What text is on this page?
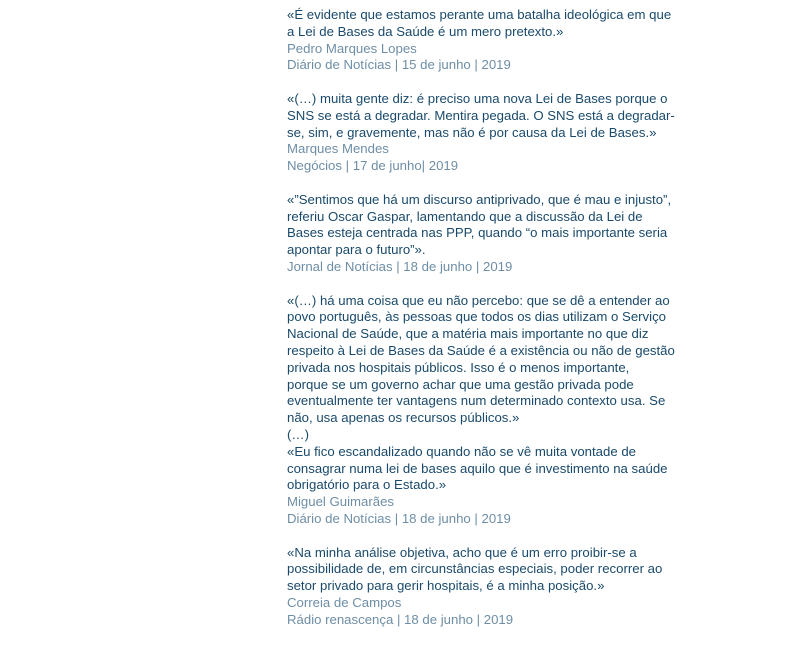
«É evidente que estamos perante uma batalha ideológica em que
a Lei de Bases da Saúde é um mero pretexto.»
Pedro Marques Lopes
Diário de Notícias | 15 de junho | 2019
«(…) muita gente diz: é preciso uma nova Lei de Bases porque o
SNS se está a degradar. Mentira pegada. O SNS está a degradar-
se, sim, e gravemente, mas não é por causa da Lei de Bases.»
Marques Mendes
Negócios | 17 de junho| 2019
«”Sentimos que há um discurso antiprivado, que é mau e injusto”,
referiu Oscar Gaspar, lamentando que a discussão da Lei de
Bases esteja centrada nas PPP, quando “o mais importante seria
apontar para o futuro”».
Jornal de Notícias | 18 de junho | 2019
«(…) há uma coisa que eu não percebo: que se dê a entender ao
povo português, às pessoas que todos os dias utilizam o Serviço
Nacional de Saúde, que a matéria mais importante no que diz
respeito à Lei de Bases da Saúde é a existência ou não de gestão
privada nos hospitais públicos. Isso é o menos importante,
porque se um governo achar que uma gestão privada pode
eventualmente ter vantagens num determinado contexto usa. Se
não, usa apenas os recursos públicos.»
(…)
«Eu fico escandalizado quando não se vê muita vontade de
consagrar numa lei de bases aquilo que é investimento na saúde
obrigatório para o Estado.»
Miguel Guimarães
Diário de Notícias | 18 de junho | 2019
«Na minha análise objetiva, acho que é um erro proibir-se a
possibilidade de, em circunstâncias especiais, poder recorrer ao
setor privado para gerir hospitais, é a minha posição.»
Correia de Campos
Rádio renascença | 18 de junho | 2019
